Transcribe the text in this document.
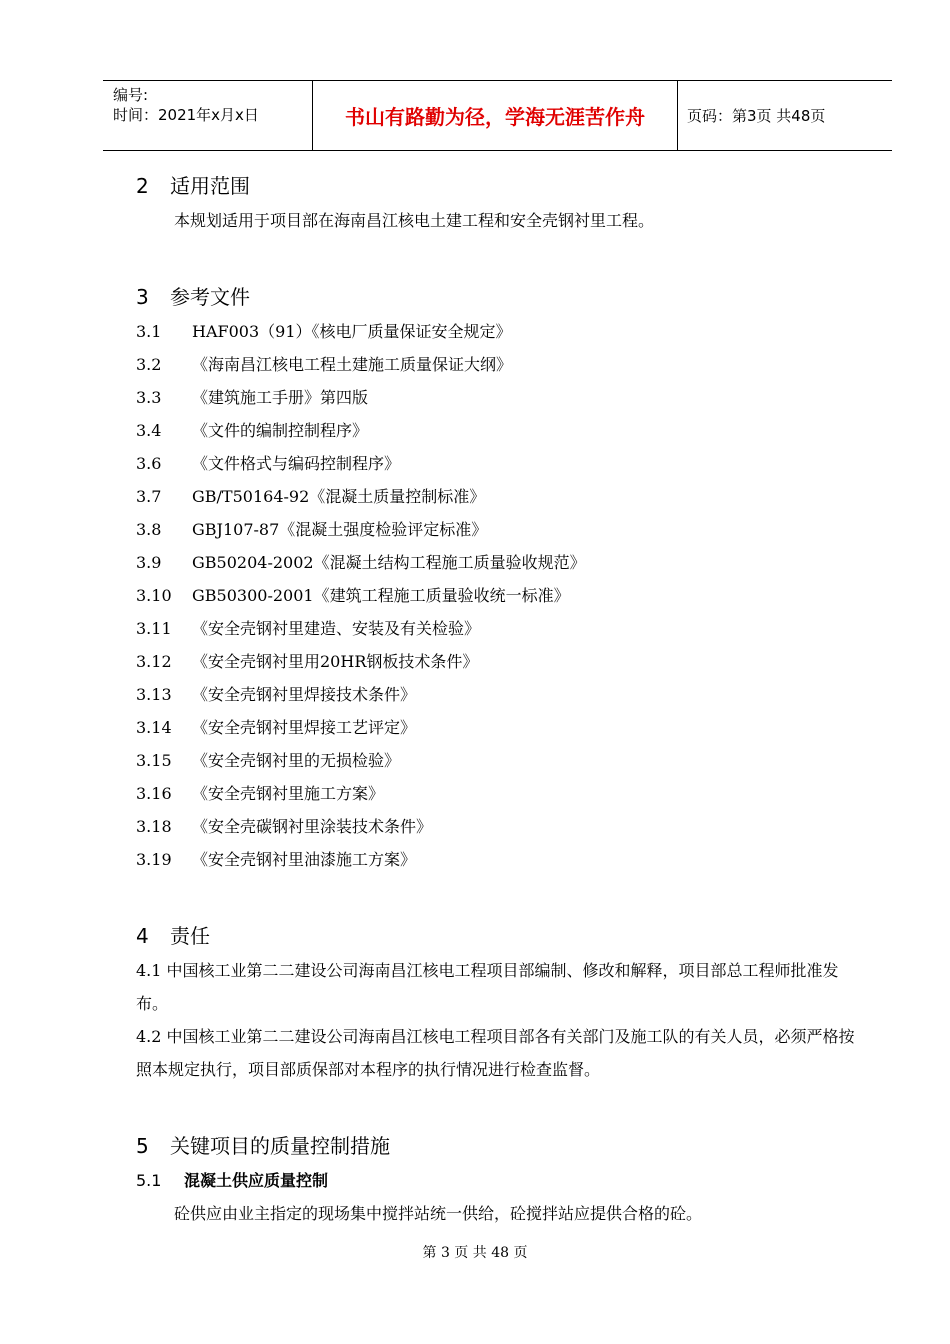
编号:
时间：2021年x月x日	书山有路勤为径，学海无涯苦作舟	页码：第3页 共48页
2 适用范围

本规划适用于项目部在海南昌江核电土建工程和安全壳钢衬里工程。

3 参考文件
3.1 HAF003（91）《核电厂质量保证安全规定》
3.2 《海南昌江核电工程土建施工质量保证大纲》
3.3 《建筑施工手册》第四版
3.4 《文件的编制控制程序》
3.6 《文件格式与编码控制程序》
3.7 GB/T50164-92《混凝土质量控制标准》
3.8 GBJ107-87《混凝土强度检验评定标准》
3.9 GB50204-2002《混凝土结构工程施工质量验收规范》
3.10 GB50300-2001《建筑工程施工质量验收统一标准》
3.11 《安全壳钢衬里建造、安装及有关检验》
3.12 《安全壳钢衬里用20HR钢板技术条件》
3.13 《安全壳钢衬里焊接技术条件》
3.14 《安全壳钢衬里焊接工艺评定》
3.15 《安全壳钢衬里的无损检验》
3.16 《安全壳钢衬里施工方案》
3.18 《安全壳碳钢衬里涂装技术条件》
3.19 《安全壳钢衬里油漆施工方案》
4 责任

4.1 中国核工业第二二建设公司海南昌江核电工程项目部编制、修改和解释，项目部总工程师批准发布。

4.2 中国核工业第二二建设公司海南昌江核电工程项目部各有关部门及施工队的有关人员，必须严格按照本规定执行，项目部质保部对本程序的执行情况进行检查监督。

5 关键项目的质量控制措施
5.1 混凝土供应质量控制

砼供应由业主指定的现场集中搅拌站统一供给，砼搅拌站应提供合格的砼。

第 3 页 共 48 页
